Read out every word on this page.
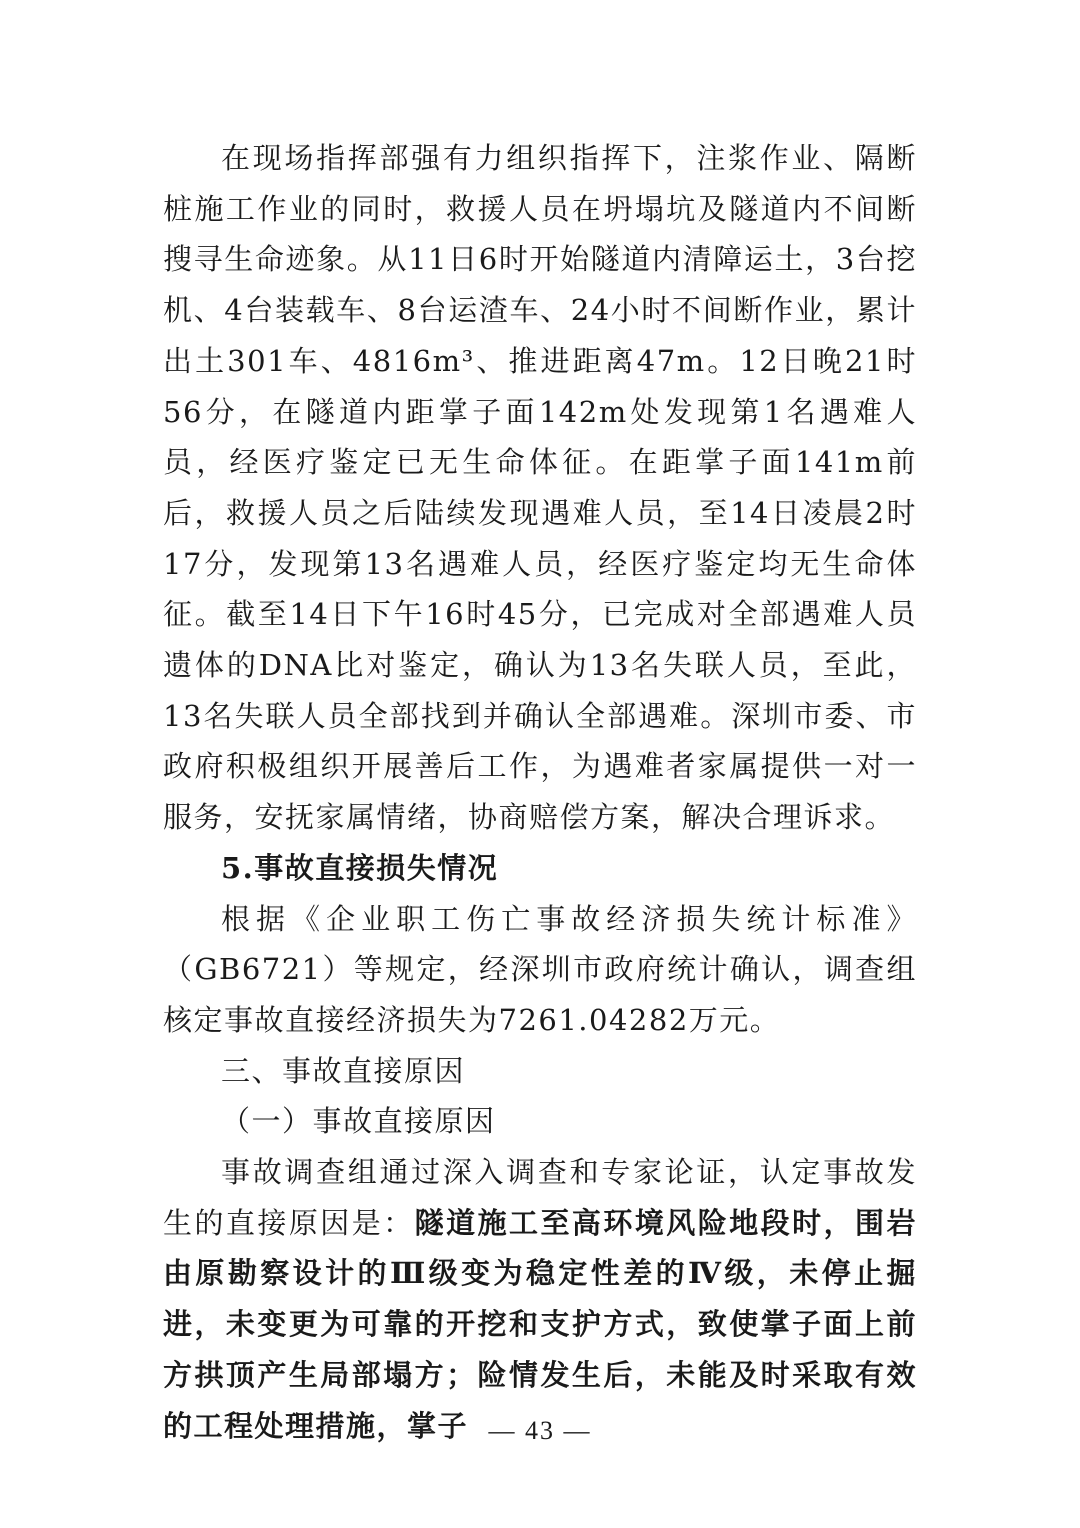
在现场指挥部强有力组织指挥下，注浆作业、隔断桩施工作业的同时，救援人员在坍塌坑及隧道内不间断搜寻生命迹象。从11日6时开始隧道内清障运土，3台挖机、4台装载车、8台运渣车、24小时不间断作业，累计出土301车、4816m³、推进距离47m。12日晚21时56分，在隧道内距掌子面142m处发现第1名遇难人员，经医疗鉴定已无生命体征。在距掌子面141m前后，救援人员之后陆续发现遇难人员，至14日凌晨2时17分，发现第13名遇难人员，经医疗鉴定均无生命体征。截至14日下午16时45分，已完成对全部遇难人员遗体的DNA比对鉴定，确认为13名失联人员，至此，13名失联人员全部找到并确认全部遇难。深圳市委、市政府积极组织开展善后工作，为遇难者家属提供一对一服务，安抚家属情绪，协商赔偿方案，解决合理诉求。

5.事故直接损失情况

根据《企业职工伤亡事故经济损失统计标准》（GB6721）等规定，经深圳市政府统计确认，调查组核定事故直接经济损失为7261.04282万元。

三、事故直接原因

（一）事故直接原因

事故调查组通过深入调查和专家论证，认定事故发生的直接原因是：隧道施工至高环境风险地段时，围岩由原勘察设计的Ⅲ级变为稳定性差的Ⅳ级，未停止掘进，未变更为可靠的开挖和支护方式，致使掌子面上前方拱顶产生局部塌方；险情发生后，未能及时采取有效的工程处理措施，掌子 — 43 —
